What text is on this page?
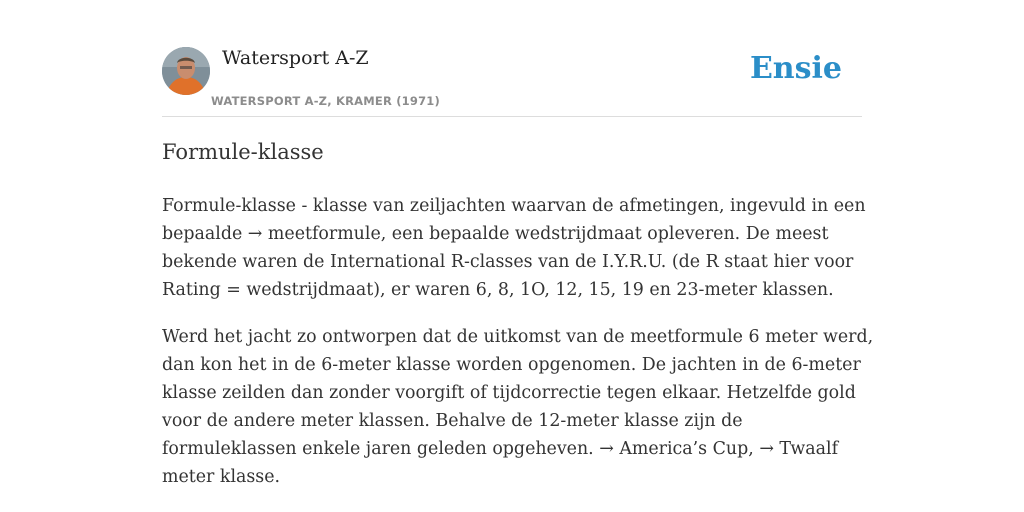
Watersport A-Z
WATERSPORT A-Z, KRAMER (1971)
Ensie
Formule-klasse

Formule-klasse - klasse van zeiljachten waarvan de afmetingen, ingevuld in een bepaalde → meetformule, een bepaalde wedstrijdmaat opleveren. De meest bekende waren de International R-classes van de I.Y.R.U. (de R staat hier voor Rating = wedstrijdmaat), er waren 6, 8, 1O, 12, 15, 19 en 23-meter klassen.

Werd het jacht zo ontworpen dat de uitkomst van de meetformule 6 meter werd, dan kon het in de 6-meter klasse worden opgenomen. De jachten in de 6-meter klasse zeilden dan zonder voorgift of tijdcorrectie tegen elkaar. Hetzelfde gold voor de andere meter klassen. Behalve de 12-meter klasse zijn de formuleklassen enkele jaren geleden opgeheven. → America’s Cup, → Twaalf meter klasse.
